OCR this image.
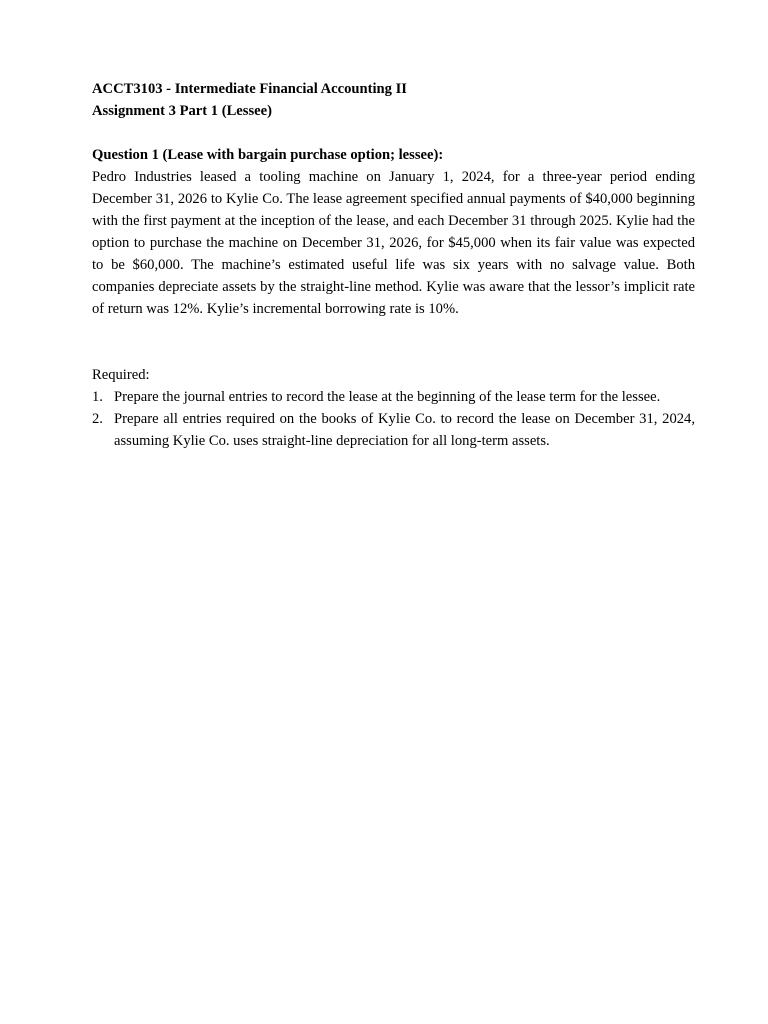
ACCT3103 - Intermediate Financial Accounting II

Assignment 3 Part 1 (Lessee)

Question 1 (Lease with bargain purchase option; lessee):

Pedro Industries leased a tooling machine on January 1, 2024, for a three-year period ending December 31, 2026 to Kylie Co. The lease agreement specified annual payments of $40,000 beginning with the first payment at the inception of the lease, and each December 31 through 2025. Kylie had the option to purchase the machine on December 31, 2026, for $45,000 when its fair value was expected to be $60,000. The machine’s estimated useful life was six years with no salvage value. Both companies depreciate assets by the straight-line method. Kylie was aware that the lessor’s implicit rate of return was 12%. Kylie’s incremental borrowing rate is 10%.

Required:

1. Prepare the journal entries to record the lease at the beginning of the lease term for the lessee.
2. Prepare all entries required on the books of Kylie Co. to record the lease on December 31, 2024, assuming Kylie Co. uses straight-line depreciation for all long-term assets.
